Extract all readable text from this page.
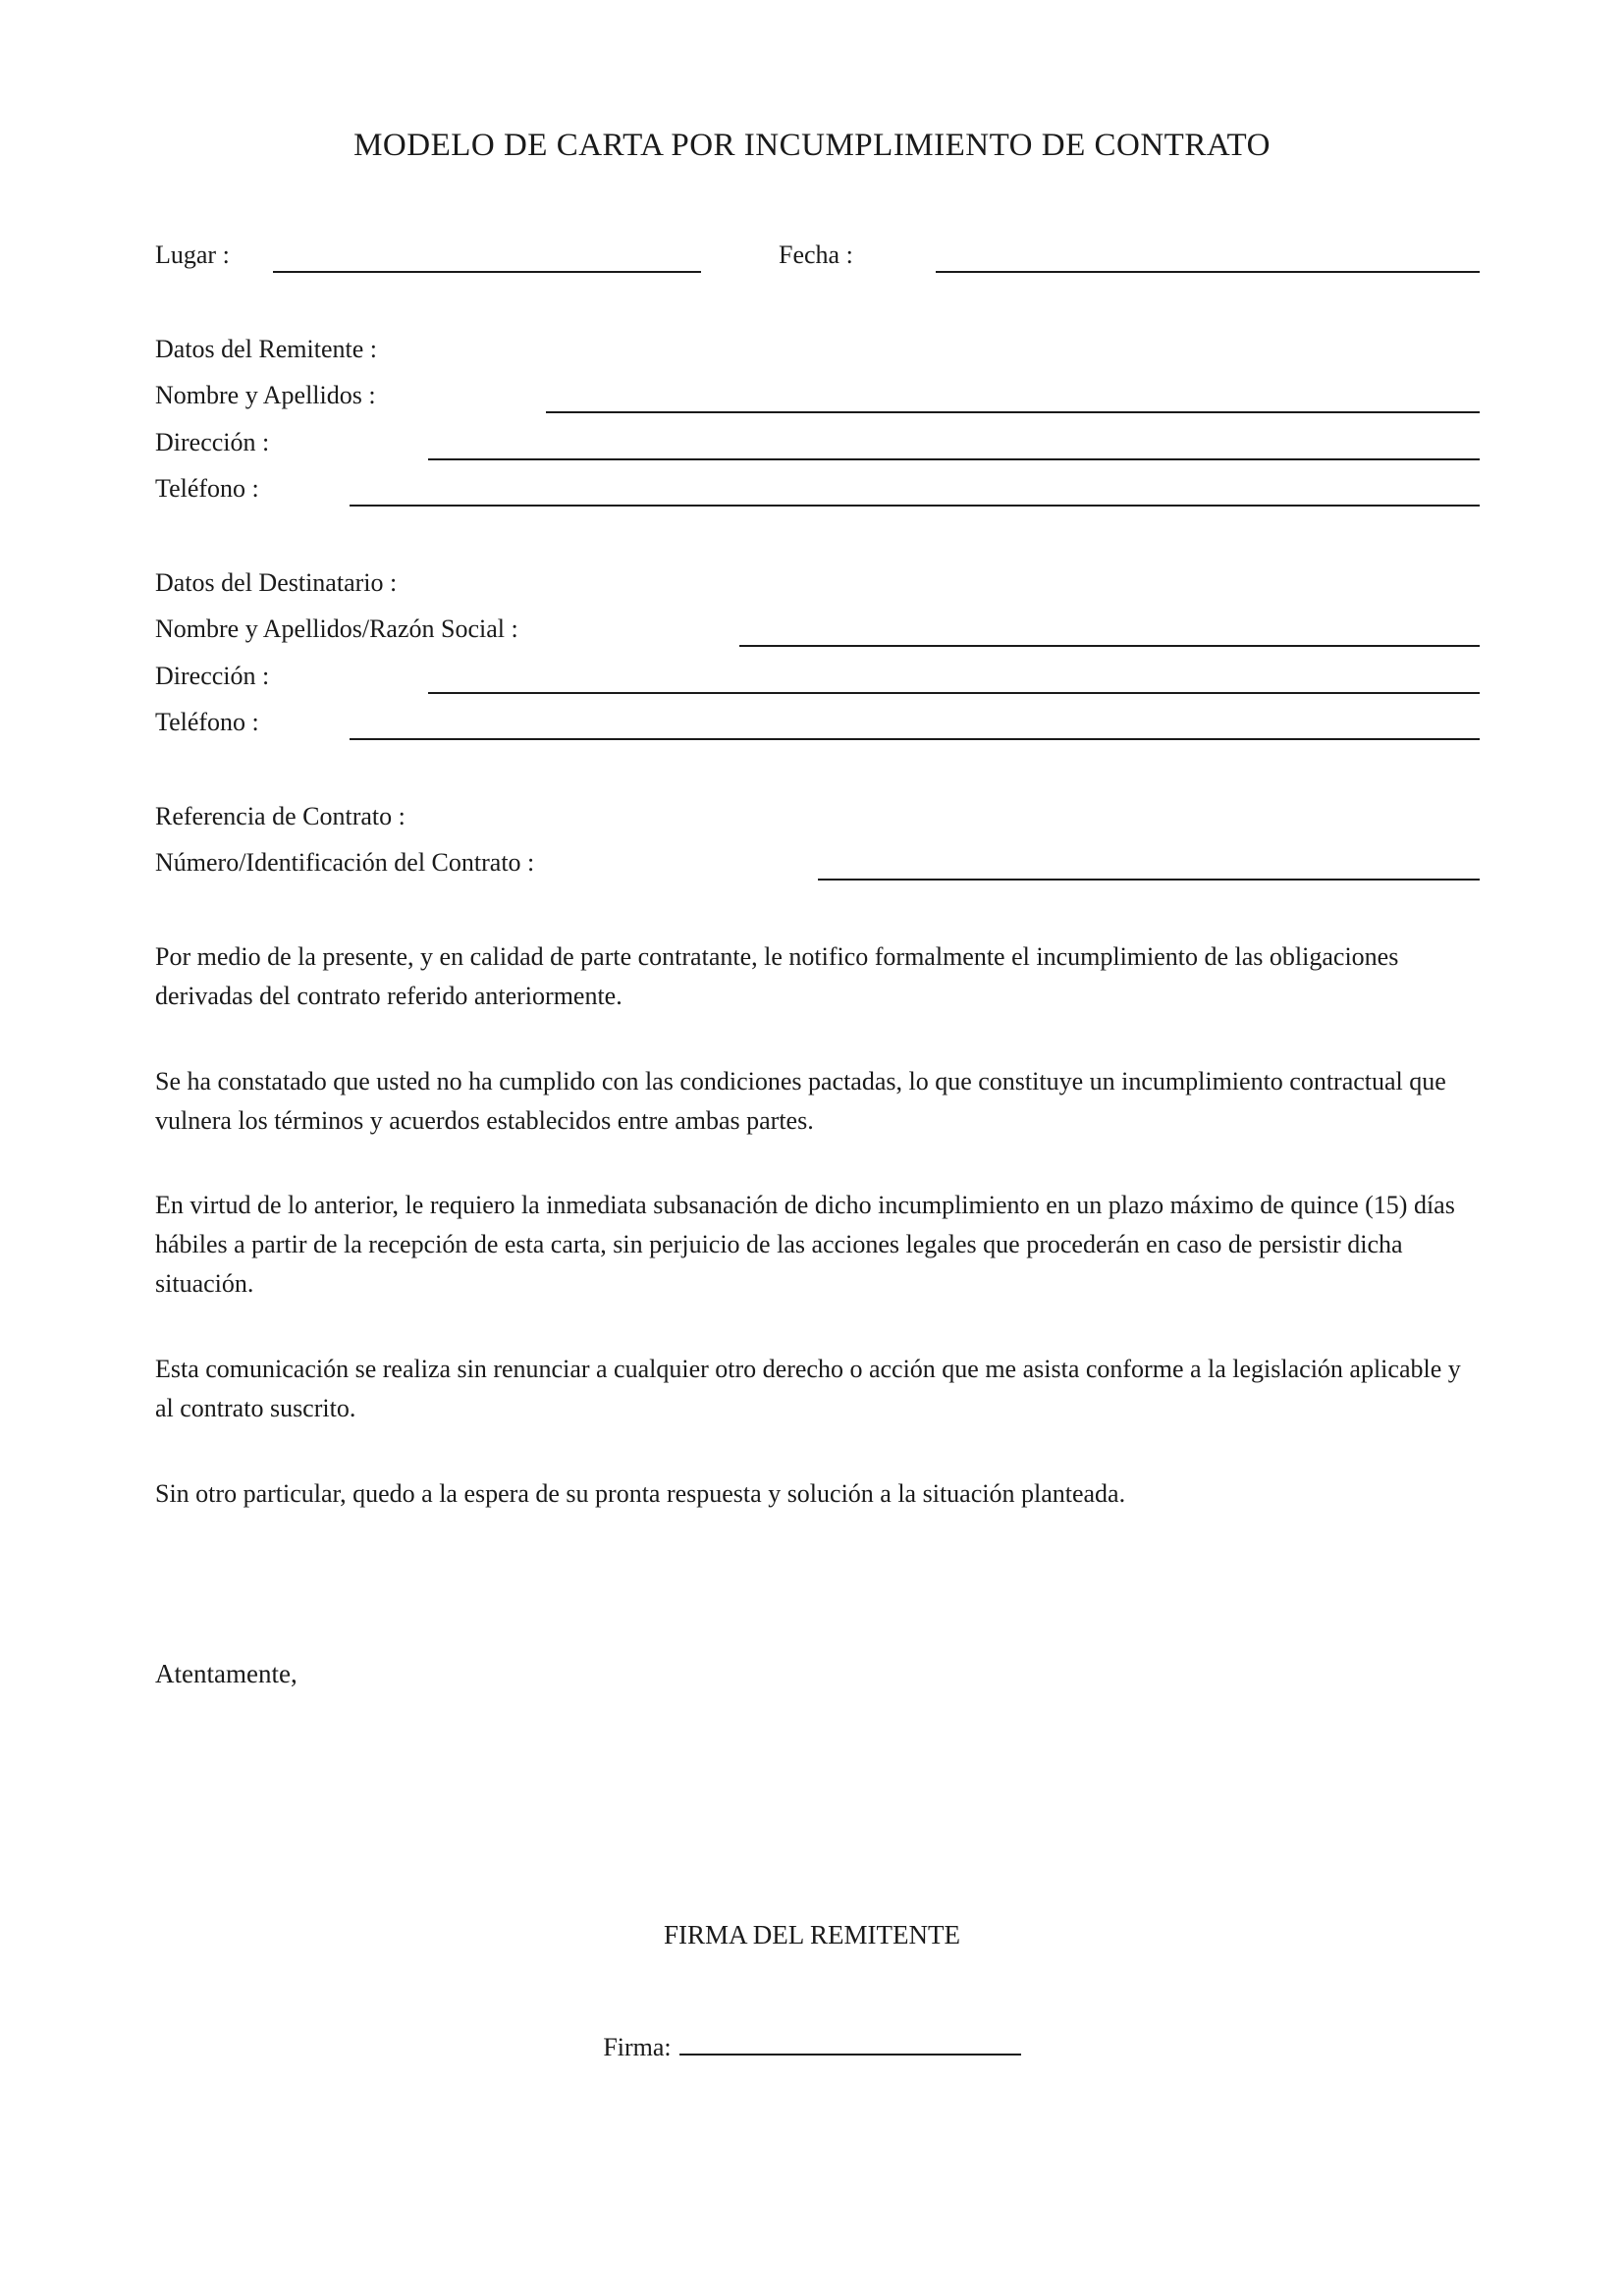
MODELO DE CARTA POR INCUMPLIMIENTO DE CONTRATO
Lugar :	Fecha :
Datos del Remitente :
Nombre y Apellidos :
Dirección :
Teléfono :
Datos del Destinatario :
Nombre y Apellidos/Razón Social :
Dirección :
Teléfono :
Referencia de Contrato :
Número/Identificación del Contrato :

Por medio de la presente, y en calidad de parte contratante, le notifico formalmente el incumplimiento de las obligaciones derivadas del contrato referido anteriormente.

Se ha constatado que usted no ha cumplido con las condiciones pactadas, lo que constituye un incumplimiento contractual que vulnera los términos y acuerdos establecidos entre ambas partes.

En virtud de lo anterior, le requiero la inmediata subsanación de dicho incumplimiento en un plazo máximo de quince (15) días hábiles a partir de la recepción de esta carta, sin perjuicio de las acciones legales que procederán en caso de persistir dicha situación.

Esta comunicación se realiza sin renunciar a cualquier otro derecho o acción que me asista conforme a la legislación aplicable y al contrato suscrito.

Sin otro particular, quedo a la espera de su pronta respuesta y solución a la situación planteada.

Atentamente,
FIRMA DEL REMITENTE
Firma:
